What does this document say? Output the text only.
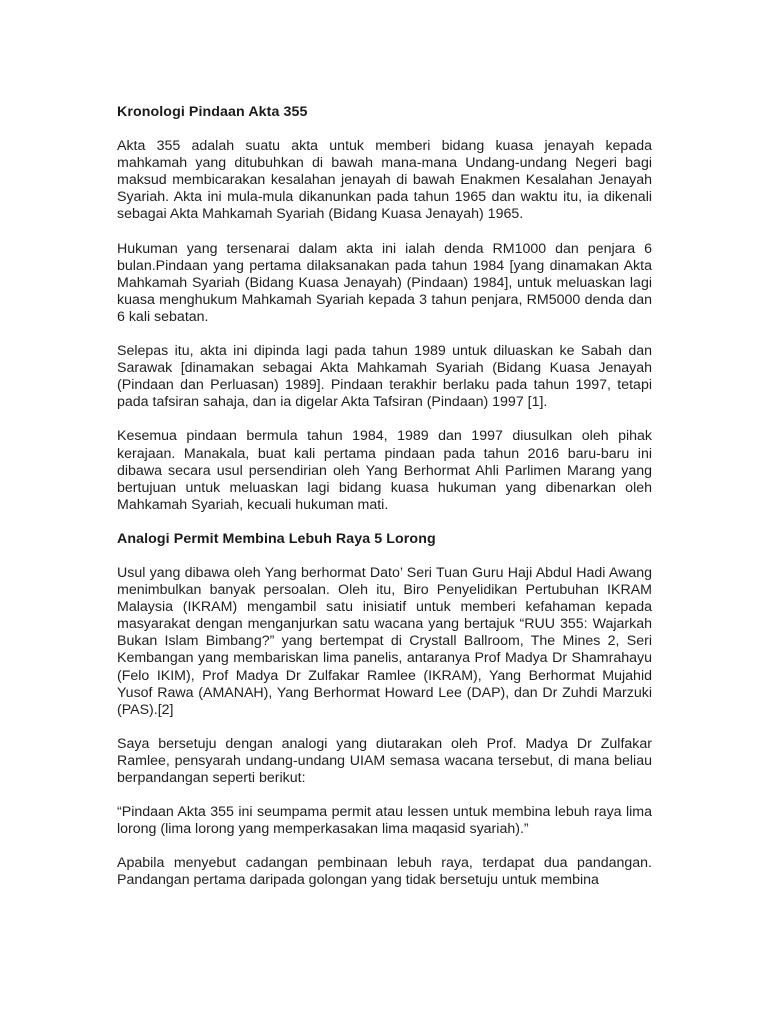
Kronologi Pindaan Akta 355

Akta 355 adalah suatu akta untuk memberi bidang kuasa jenayah kepada mahkamah yang ditubuhkan di bawah mana-mana Undang-undang Negeri bagi maksud membicarakan kesalahan jenayah di bawah Enakmen Kesalahan Jenayah Syariah. Akta ini mula-mula dikanunkan pada tahun 1965 dan waktu itu, ia dikenali sebagai Akta Mahkamah Syariah (Bidang Kuasa Jenayah) 1965.

Hukuman yang tersenarai dalam akta ini ialah denda RM1000 dan penjara 6 bulan.Pindaan yang pertama dilaksanakan pada tahun 1984 [yang dinamakan Akta Mahkamah Syariah (Bidang Kuasa Jenayah) (Pindaan) 1984], untuk meluaskan lagi kuasa menghukum Mahkamah Syariah kepada 3 tahun penjara, RM5000 denda dan 6 kali sebatan.

Selepas itu, akta ini dipinda lagi pada tahun 1989 untuk diluaskan ke Sabah dan Sarawak [dinamakan sebagai Akta Mahkamah Syariah (Bidang Kuasa Jenayah (Pindaan dan Perluasan) 1989]. Pindaan terakhir berlaku pada tahun 1997, tetapi pada tafsiran sahaja, dan ia digelar Akta Tafsiran (Pindaan) 1997 [1].

Kesemua pindaan bermula tahun 1984, 1989 dan 1997 diusulkan oleh pihak kerajaan. Manakala, buat kali pertama pindaan pada tahun 2016 baru-baru ini dibawa secara usul persendirian oleh Yang Berhormat Ahli Parlimen Marang yang bertujuan untuk meluaskan lagi bidang kuasa hukuman yang dibenarkan oleh Mahkamah Syariah, kecuali hukuman mati.

Analogi Permit Membina Lebuh Raya 5 Lorong

Usul yang dibawa oleh Yang berhormat Dato’ Seri Tuan Guru Haji Abdul Hadi Awang menimbulkan banyak persoalan. Oleh itu, Biro Penyelidikan Pertubuhan IKRAM Malaysia (IKRAM) mengambil satu inisiatif untuk memberi kefahaman kepada masyarakat dengan menganjurkan satu wacana yang bertajuk “RUU 355: Wajarkah Bukan Islam Bimbang?” yang bertempat di Crystall Ballroom, The Mines 2, Seri Kembangan yang membariskan lima panelis, antaranya Prof Madya Dr Shamrahayu (Felo IKIM), Prof Madya Dr Zulfakar Ramlee (IKRAM), Yang Berhormat Mujahid Yusof Rawa (AMANAH), Yang Berhormat Howard Lee (DAP), dan Dr Zuhdi Marzuki (PAS).[2]

Saya bersetuju dengan analogi yang diutarakan oleh Prof. Madya Dr Zulfakar Ramlee, pensyarah undang-undang UIAM semasa wacana tersebut, di mana beliau berpandangan seperti berikut:

“Pindaan Akta 355 ini seumpama permit atau lessen untuk membina lebuh raya lima lorong (lima lorong yang memperkasakan lima maqasid syariah).”

Apabila menyebut cadangan pembinaan lebuh raya, terdapat dua pandangan. Pandangan pertama daripada golongan yang tidak bersetuju untuk membina
